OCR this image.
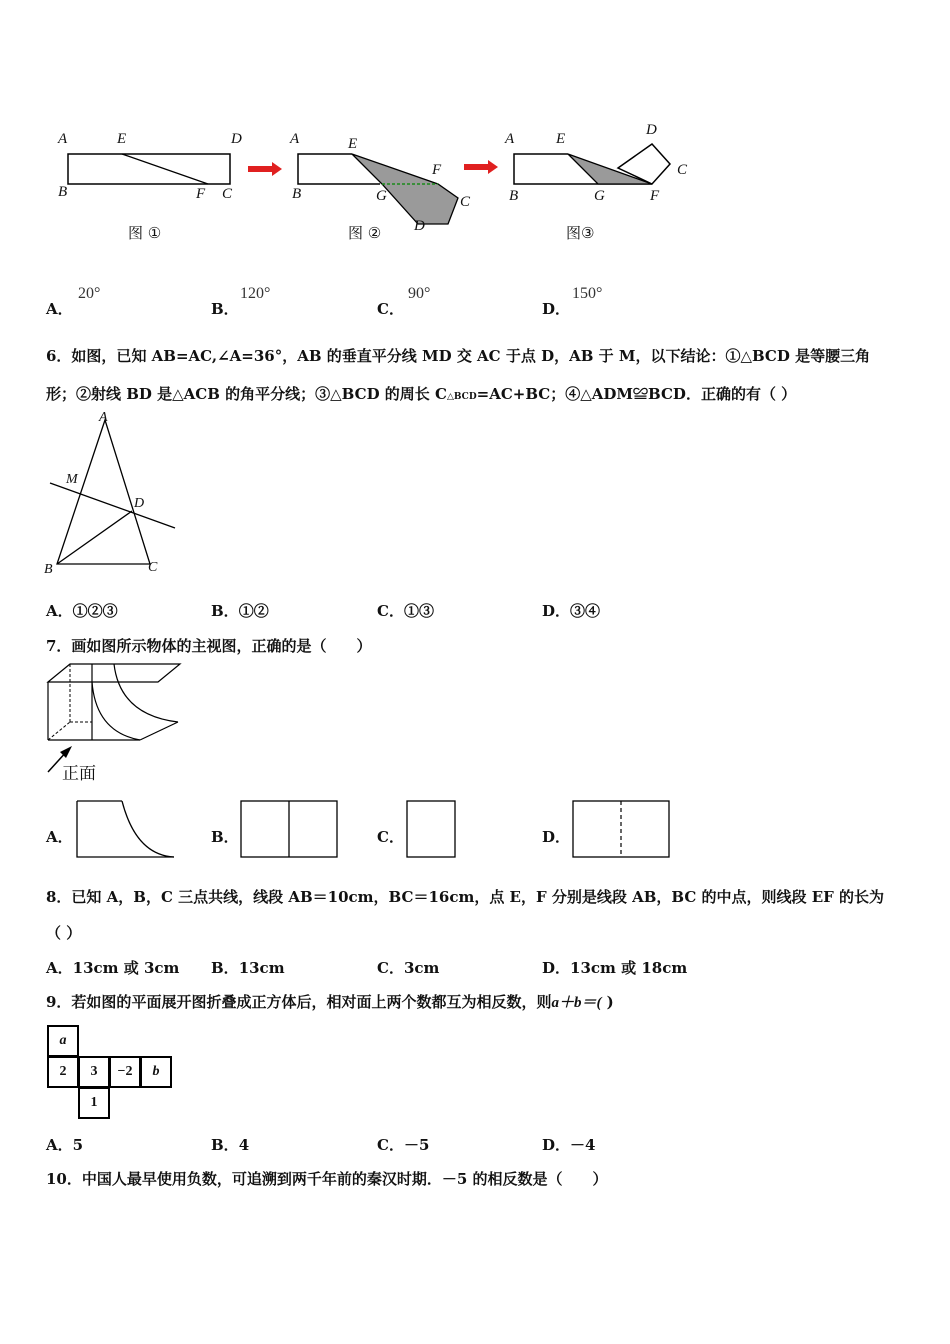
A	E	D
B	F C
图 ①
A	E
F
B	G	C
D
图 ②
A	E
D
C
B	G	F
图③
A．
20°
B．
120°
C．
90°
D．
150°
6．如图，已知 AB=AC,∠A=36°，AB 的垂直平分线 MD 交 AC 于点 D，AB 于 M，以下结论：①△BCD 是等腰三角
形；②射线 BD 是△ACB 的角平分线；③△BCD 的周长 C△BCD=AC+BC；④△ADM≌BCD．正确的有（ ）
A
M
D
B	C
A．①②③	B．①②	C．①③	D．③④
7．画如图所示物体的主视图，正确的是（　　）
正面
A．	B．	C．	D．
8．已知 A，B，C 三点共线，线段 AB＝10cm，BC＝16cm，点 E，F 分别是线段 AB，BC 的中点，则线段 EF 的长为
（ ）
A．13cm 或 3cm B．13cm	C．3cm	D．13cm 或 18cm
9．若如图的平面展开图折叠成正方体后，相对面上两个数都互为相反数，则a＋b＝( )
a
2	3	−2	b
1
A．5	B．4	C．－5	D．－4
10．中国人最早使用负数，可追溯到两千年前的秦汉时期．－5 的相反数是（　　）
